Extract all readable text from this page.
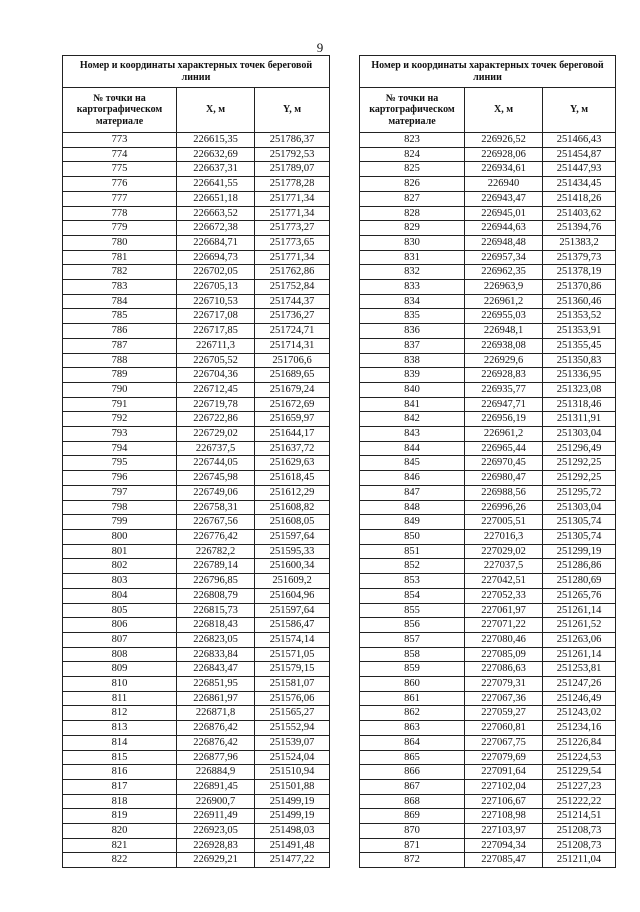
9
Номер и координаты характерных точек береговой линии		
№ точки на картографическом материале	X, м	Y, м
773	226615,35	251786,37
774	226632,69	251792,53
775	226637,31	251789,07
776	226641,55	251778,28
777	226651,18	251771,34
778	226663,52	251771,34
779	226672,38	251773,27
780	226684,71	251773,65
781	226694,73	251771,34
782	226702,05	251762,86
783	226705,13	251752,84
784	226710,53	251744,37
785	226717,08	251736,27
786	226717,85	251724,71
787	226711,3	251714,31
788	226705,52	251706,6
789	226704,36	251689,65
790	226712,45	251679,24
791	226719,78	251672,69
792	226722,86	251659,97
793	226729,02	251644,17
794	226737,5	251637,72
795	226744,05	251629,63
796	226745,98	251618,45
797	226749,06	251612,29
798	226758,31	251608,82
799	226767,56	251608,05
800	226776,42	251597,64
801	226782,2	251595,33
802	226789,14	251600,34
803	226796,85	251609,2
804	226808,79	251604,96
805	226815,73	251597,64
806	226818,43	251586,47
807	226823,05	251574,14
808	226833,84	251571,05
809	226843,47	251579,15
810	226851,95	251581,07
811	226861,97	251576,06
812	226871,8	251565,27
813	226876,42	251552,94
814	226876,42	251539,07
815	226877,96	251524,04
816	226884,9	251510,94
817	226891,45	251501,88
818	226900,7	251499,19
819	226911,49	251499,19
820	226923,05	251498,03
821	226928,83	251491,48
822	226929,21	251477,22
Номер и координаты характерных точек береговой линии		
№ точки на картографическом материале	X, м	Y, м
823	226926,52	251466,43
824	226928,06	251454,87
825	226934,61	251447,93
826	226940	251434,45
827	226943,47	251418,26
828	226945,01	251403,62
829	226944,63	251394,76
830	226948,48	251383,2
831	226957,34	251379,73
832	226962,35	251378,19
833	226963,9	251370,86
834	226961,2	251360,46
835	226955,03	251353,52
836	226948,1	251353,91
837	226938,08	251355,45
838	226929,6	251350,83
839	226928,83	251336,95
840	226935,77	251323,08
841	226947,71	251318,46
842	226956,19	251311,91
843	226961,2	251303,04
844	226965,44	251296,49
845	226970,45	251292,25
846	226980,47	251292,25
847	226988,56	251295,72
848	226996,26	251303,04
849	227005,51	251305,74
850	227016,3	251305,74
851	227029,02	251299,19
852	227037,5	251286,86
853	227042,51	251280,69
854	227052,33	251265,76
855	227061,97	251261,14
856	227071,22	251261,52
857	227080,46	251263,06
858	227085,09	251261,14
859	227086,63	251253,81
860	227079,31	251247,26
861	227067,36	251246,49
862	227059,27	251243,02
863	227060,81	251234,16
864	227067,75	251226,84
865	227079,69	251224,53
866	227091,64	251229,54
867	227102,04	251227,23
868	227106,67	251222,22
869	227108,98	251214,51
870	227103,97	251208,73
871	227094,34	251208,73
872	227085,47	251211,04
